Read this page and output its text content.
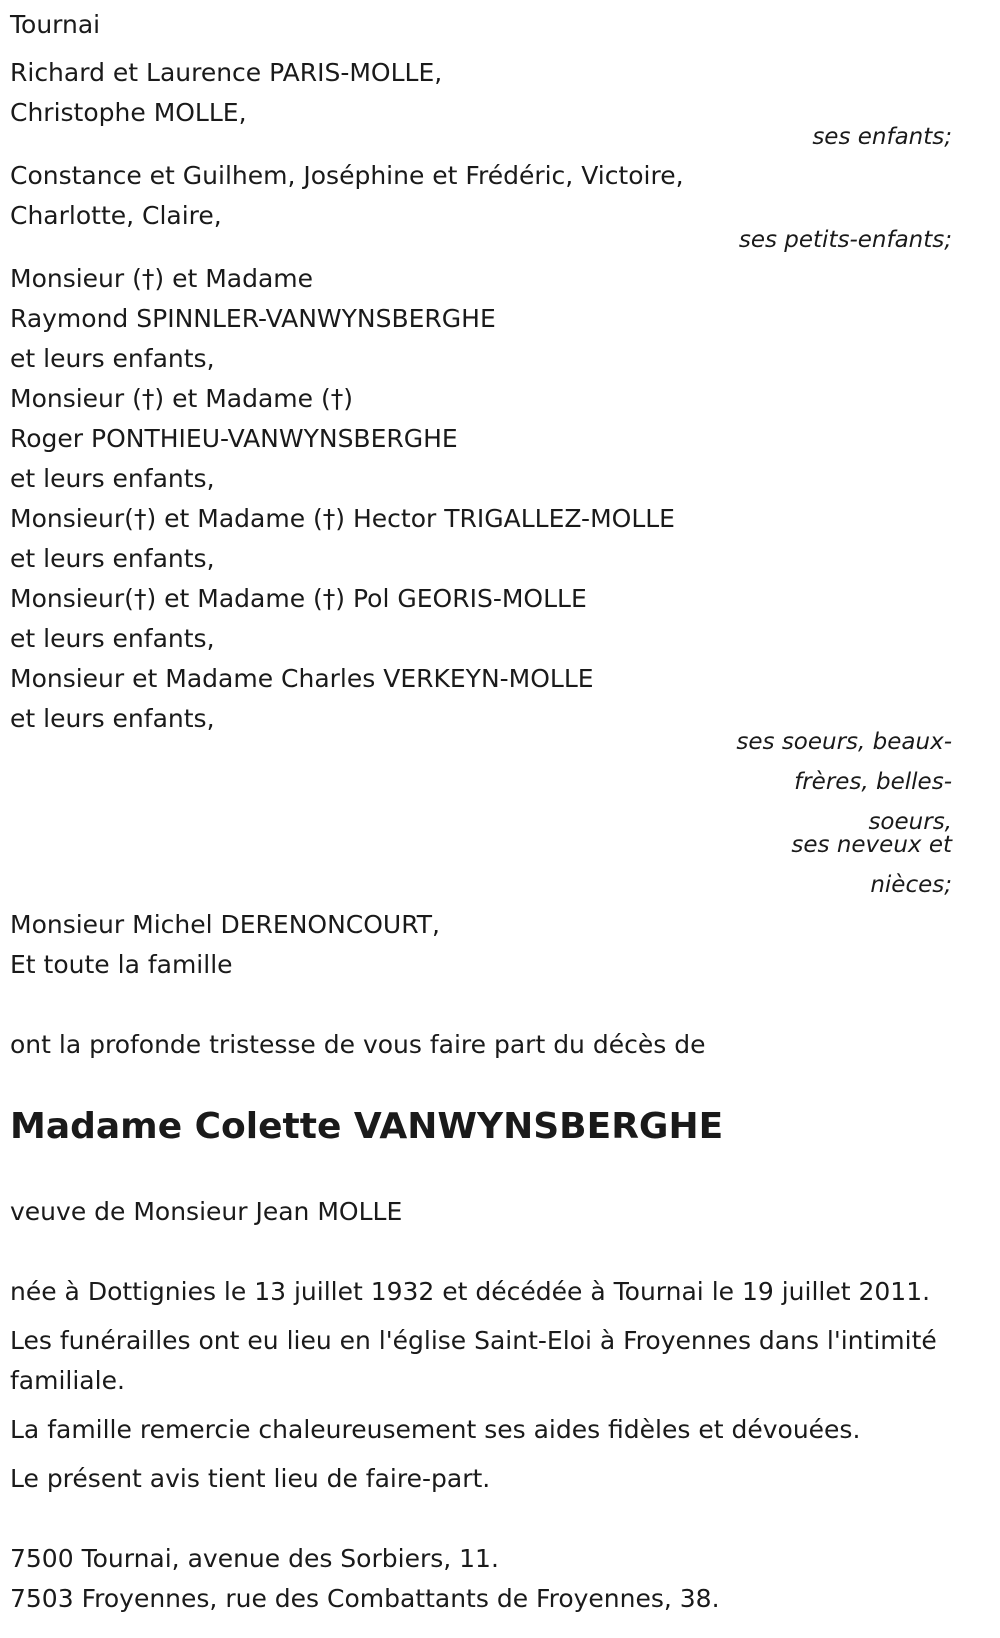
Tournai

Richard et Laurence PARIS-MOLLE,

Christophe MOLLE,

ses enfants;

Constance et Guilhem, Joséphine et Frédéric, Victoire,

Charlotte, Claire,

ses petits-enfants;

Monsieur (†) et Madame

Raymond SPINNLER-VANWYNSBERGHE

et leurs enfants,

Monsieur (†) et Madame (†)

Roger PONTHIEU-VANWYNSBERGHE

et leurs enfants,

Monsieur(†) et Madame (†) Hector TRIGALLEZ-MOLLE

et leurs enfants,

Monsieur(†) et Madame (†) Pol GEORIS-MOLLE

et leurs enfants,

Monsieur et Madame Charles VERKEYN-MOLLE

et leurs enfants,

ses soeurs, beaux-

frères, belles-

soeurs,

ses neveux et

nièces;

Monsieur Michel DERENONCOURT,

Et toute la famille

ont la profonde tristesse de vous faire part du décès de

Madame Colette VANWYNSBERGHE

veuve de Monsieur Jean MOLLE

née à Dottignies le 13 juillet 1932 et décédée à Tournai le 19 juillet 2011.

Les funérailles ont eu lieu en l'église Saint-Eloi à Froyennes dans l'intimité familiale.

La famille remercie chaleureusement ses aides fidèles et dévouées.

Le présent avis tient lieu de faire-part.

7500 Tournai, avenue des Sorbiers, 11.

7503 Froyennes, rue des Combattants de Froyennes, 38.
